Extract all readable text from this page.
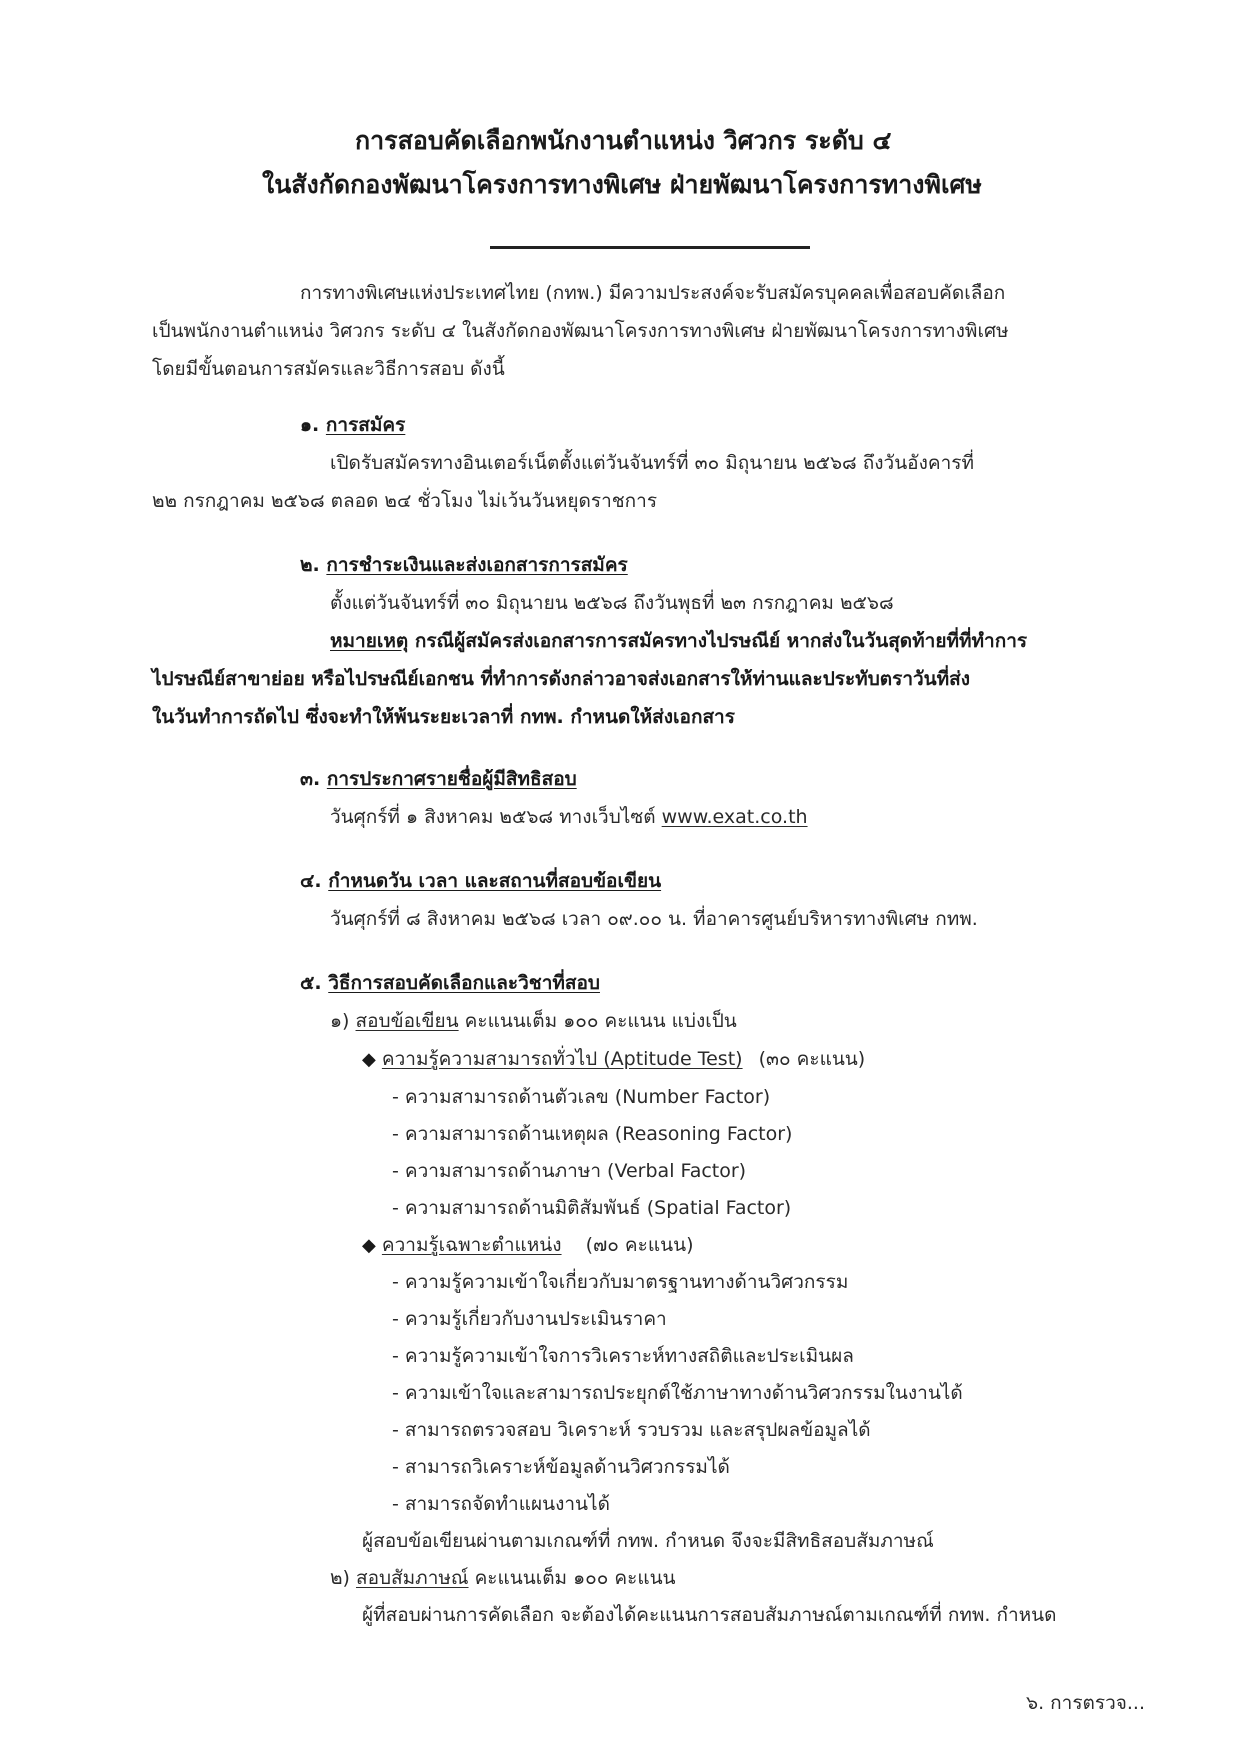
การสอบคัดเลือกพนักงานตำแหน่ง วิศวกร ระดับ ๔
ในสังกัดกองพัฒนาโครงการทางพิเศษ ฝ่ายพัฒนาโครงการทางพิเศษ
การทางพิเศษแห่งประเทศไทย (กทพ.) มีความประสงค์จะรับสมัครบุคคลเพื่อสอบคัดเลือก
เป็นพนักงานตำแหน่ง วิศวกร ระดับ ๔ ในสังกัดกองพัฒนาโครงการทางพิเศษ ฝ่ายพัฒนาโครงการทางพิเศษ
โดยมีขั้นตอนการสมัครและวิธีการสอบ ดังนี้
๑. การสมัคร
เปิดรับสมัครทางอินเตอร์เน็ตตั้งแต่วันจันทร์ที่ ๓๐ มิถุนายน ๒๕๖๘ ถึงวันอังคารที่
๒๒ กรกฎาคม ๒๕๖๘ ตลอด ๒๔ ชั่วโมง ไม่เว้นวันหยุดราชการ
๒. การชำระเงินและส่งเอกสารการสมัคร
ตั้งแต่วันจันทร์ที่ ๓๐ มิถุนายน ๒๕๖๘ ถึงวันพุธที่ ๒๓ กรกฎาคม ๒๕๖๘
หมายเหตุ กรณีผู้สมัครส่งเอกสารการสมัครทางไปรษณีย์ หากส่งในวันสุดท้ายที่ที่ทำการ
ไปรษณีย์สาขาย่อย หรือไปรษณีย์เอกชน ที่ทำการดังกล่าวอาจส่งเอกสารให้ท่านและประทับตราวันที่ส่ง
ในวันทำการถัดไป ซึ่งจะทำให้พ้นระยะเวลาที่ กทพ. กำหนดให้ส่งเอกสาร
๓. การประกาศรายชื่อผู้มีสิทธิสอบ
วันศุกร์ที่ ๑ สิงหาคม ๒๕๖๘ ทางเว็บไซต์ www.exat.co.th
๔. กำหนดวัน เวลา และสถานที่สอบข้อเขียน
วันศุกร์ที่ ๘ สิงหาคม ๒๕๖๘ เวลา ๐๙.๐๐ น. ที่อาคารศูนย์บริหารทางพิเศษ กทพ.
๕. วิธีการสอบคัดเลือกและวิชาที่สอบ
๑) สอบข้อเขียน คะแนนเต็ม ๑๐๐ คะแนน แบ่งเป็น
◆ ความรู้ความสามารถทั่วไป (Aptitude Test) (๓๐ คะแนน)
- ความสามารถด้านตัวเลข (Number Factor)
- ความสามารถด้านเหตุผล (Reasoning Factor)
- ความสามารถด้านภาษา (Verbal Factor)
- ความสามารถด้านมิติสัมพันธ์ (Spatial Factor)
◆ ความรู้เฉพาะตำแหน่ง (๗๐ คะแนน)
- ความรู้ความเข้าใจเกี่ยวกับมาตรฐานทางด้านวิศวกรรม
- ความรู้เกี่ยวกับงานประเมินราคา
- ความรู้ความเข้าใจการวิเคราะห์ทางสถิติและประเมินผล
- ความเข้าใจและสามารถประยุกต์ใช้ภาษาทางด้านวิศวกรรมในงานได้
- สามารถตรวจสอบ วิเคราะห์ รวบรวม และสรุปผลข้อมูลได้
- สามารถวิเคราะห์ข้อมูลด้านวิศวกรรมได้
- สามารถจัดทำแผนงานได้
ผู้สอบข้อเขียนผ่านตามเกณฑ์ที่ กทพ. กำหนด จึงจะมีสิทธิสอบสัมภาษณ์
๒) สอบสัมภาษณ์ คะแนนเต็ม ๑๐๐ คะแนน
ผู้ที่สอบผ่านการคัดเลือก จะต้องได้คะแนนการสอบสัมภาษณ์ตามเกณฑ์ที่ กทพ. กำหนด
๖. การตรวจ...
